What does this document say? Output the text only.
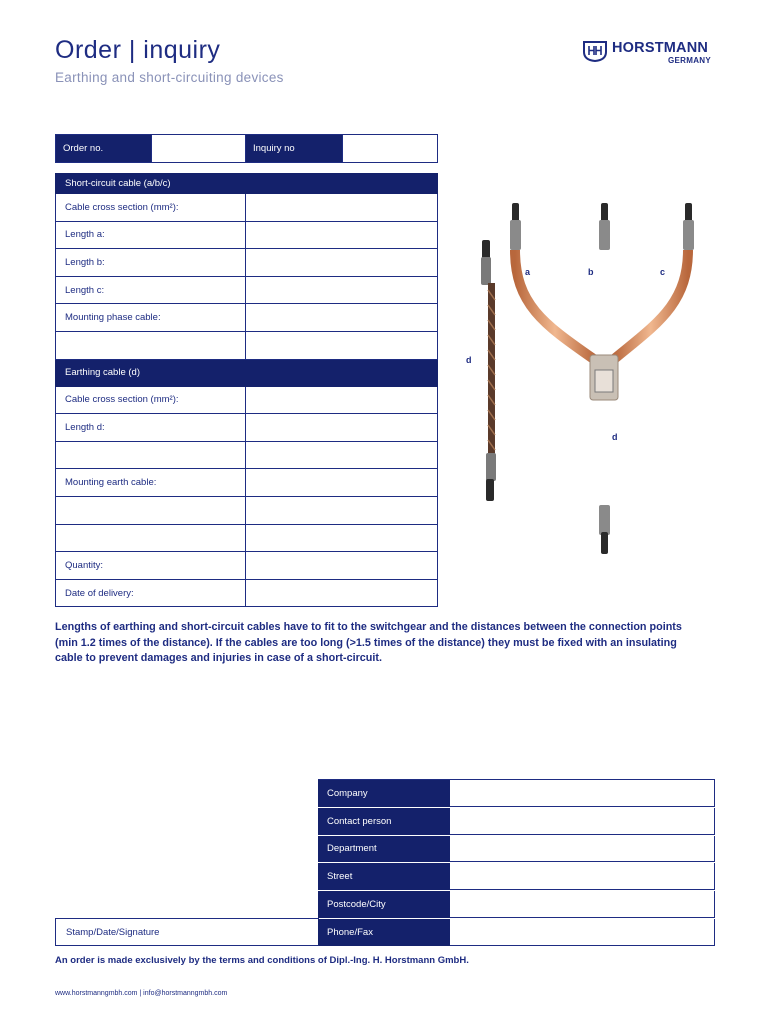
Order | inquiry
Earthing and short-circuiting devices
HORSTMANN
GERMANY
Order no.	Inquiry no
Short-circuit cable (a/b/c)
Cable cross section (mm²):
Length a:
Length b:
Length c:
Mounting phase cable:
Earthing cable (d)
Cable cross section (mm²):
Length d:
Mounting earth cable:
Quantity:
Date of delivery:
a	b	c
d
d
Lengths of earthing and short-circuit cables have to fit to the switchgear and the distances between the connection points (min 1.2 times of the distance). If the cables are too long (>1.5 times of the distance) they must be fixed with an insulating cable to prevent damages and injuries in case of a short-circuit.
Company
Contact person
Department
Street
Postcode/City
Phone/Fax
Stamp/Date/Signature
An order is made exclusively by the terms and conditions of Dipl.-Ing. H. Horstmann GmbH.
www.horstmanngmbh.com | info@horstmanngmbh.com
